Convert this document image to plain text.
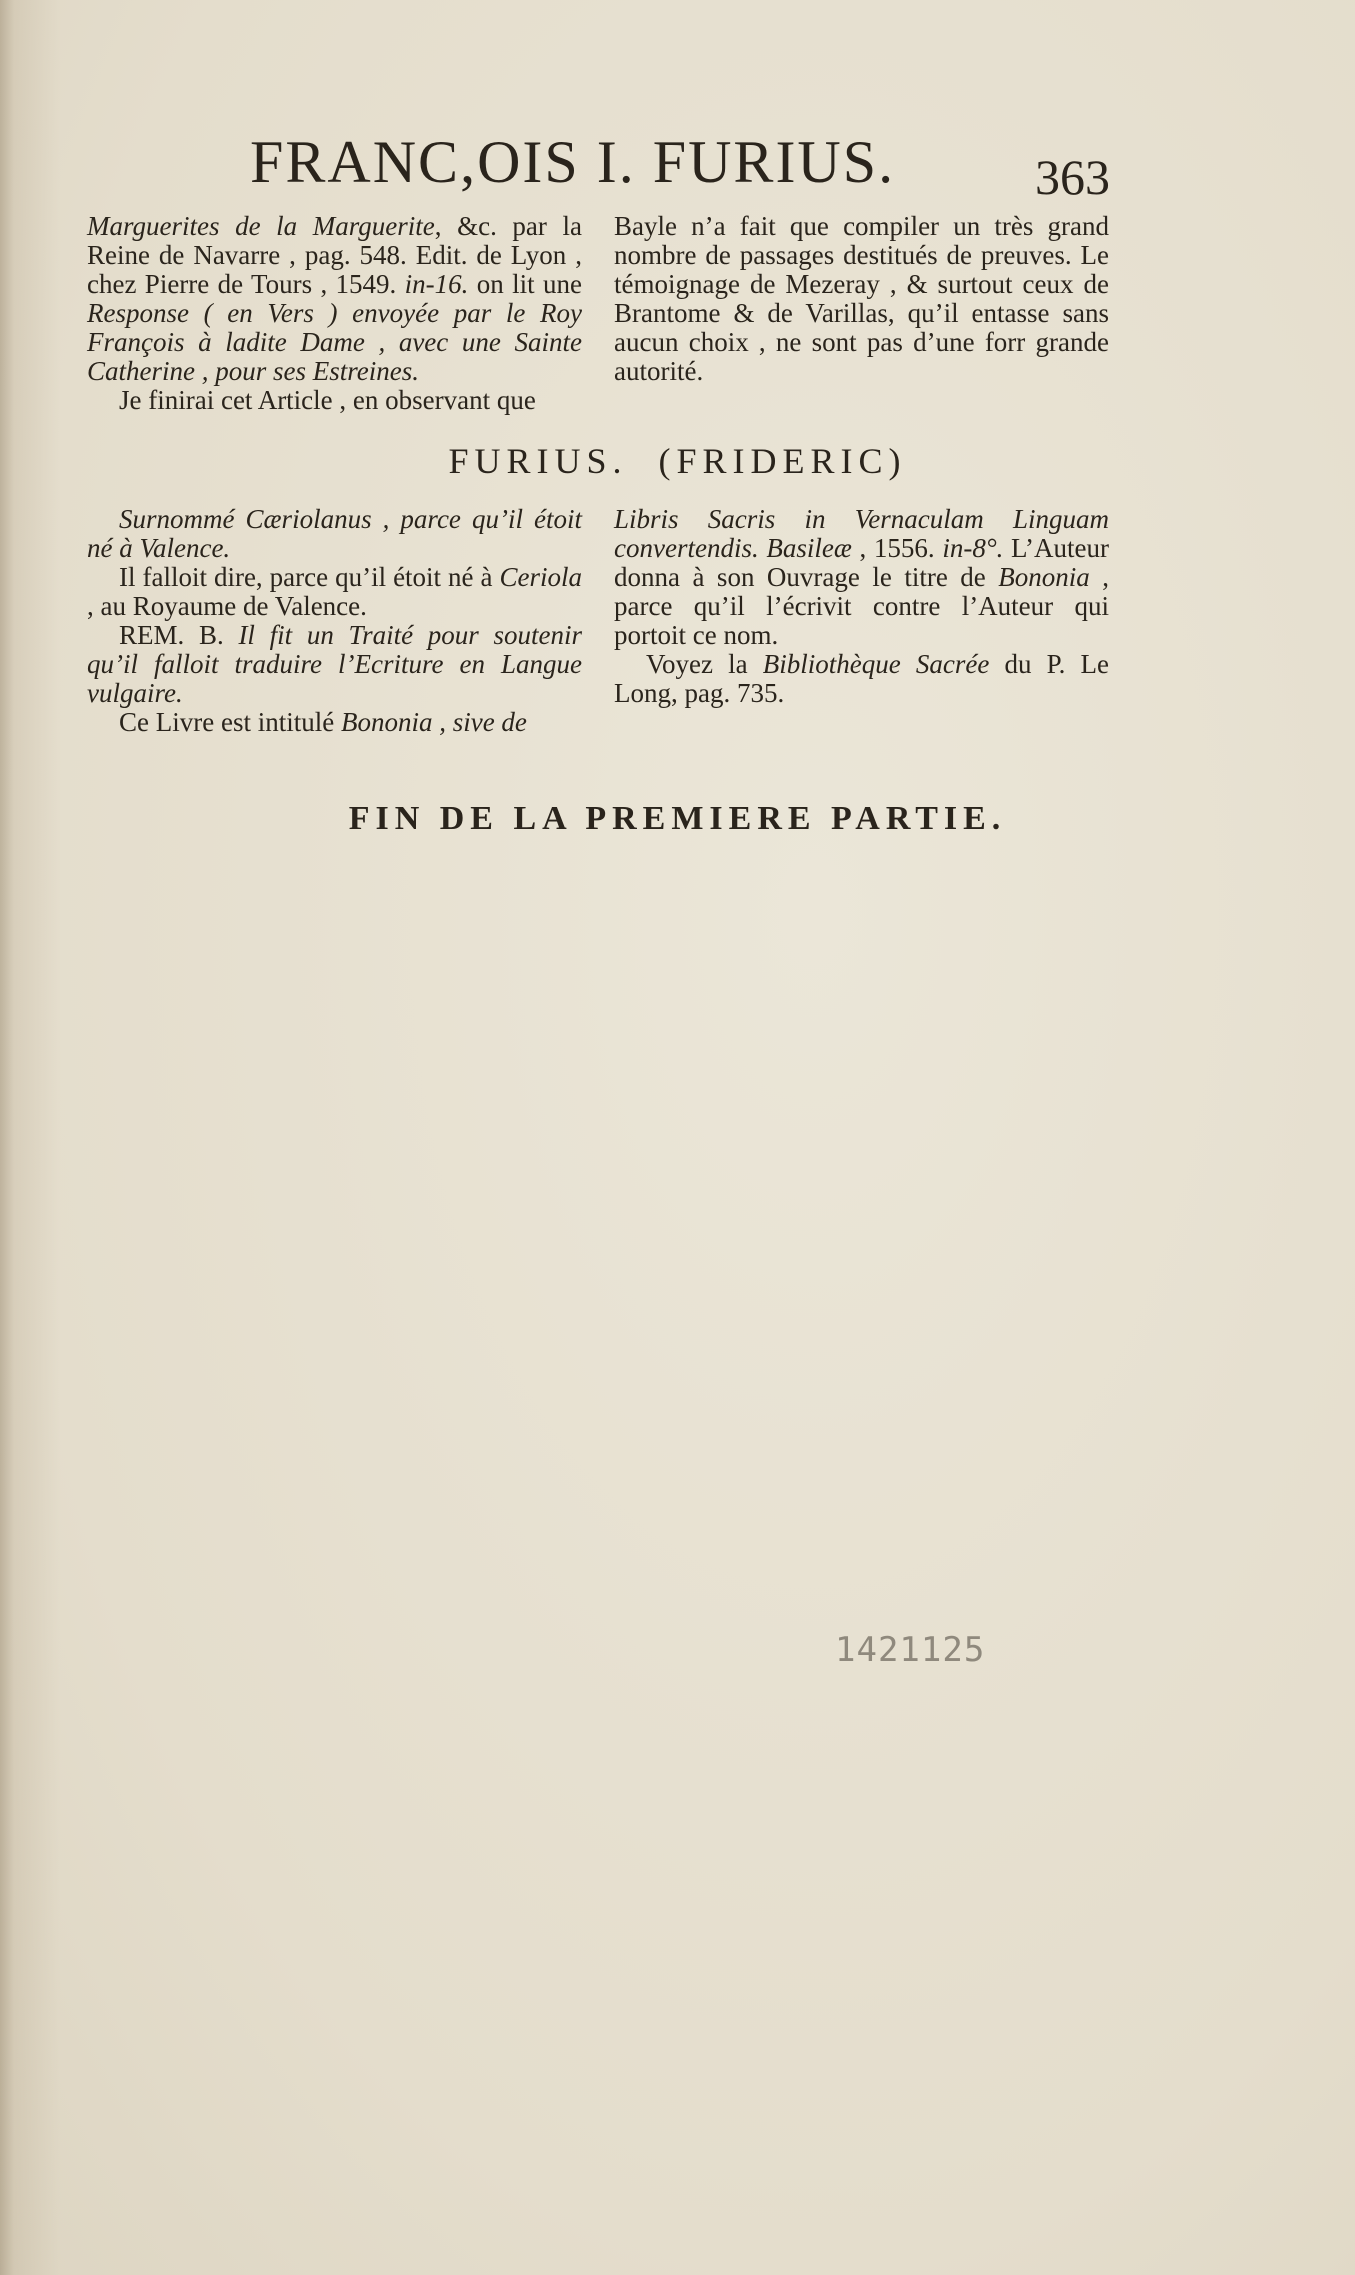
FRANC,OIS I. FURIUS.	363

Marguerites de la Marguerite, &c. par la Reine de Navarre , pag. 548. Edit. de Lyon , chez Pierre de Tours , 1549. in-16. on lit une Response ( en Vers ) envoyée par le Roy François à ladite Dame , avec une Sainte Catherine , pour ses Estreines.

Je finirai cet Article , en observant que

Bayle n’a fait que compiler un très grand nombre de passages destitués de preuves. Le témoignage de Mezeray , & surtout ceux de Brantome & de Varillas, qu’il entasse sans aucun choix , ne sont pas d’une forr grande autorité.

FURIUS. (FRIDERIC)

Surnommé Cæriolanus , parce qu’il étoit né à Valence.

Il falloit dire, parce qu’il étoit né à Ceriola , au Royaume de Valence.

REM. B. Il fit un Traité pour soutenir qu’il falloit traduire l’Ecriture en Langue vulgaire.

Ce Livre est intitulé Bononia , sive de

Libris Sacris in Vernaculam Linguam convertendis. Basileæ , 1556. in-8°. L’Auteur donna à son Ouvrage le titre de Bononia , parce qu’il l’écrivit contre l’Auteur qui portoit ce nom.

Voyez la Bibliothèque Sacrée du P. Le Long, pag. 735.

FIN DE LA PREMIERE PARTIE.

1421125
